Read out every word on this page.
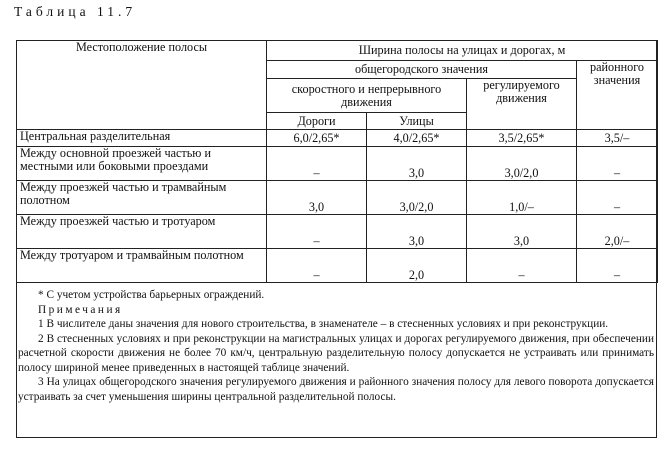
Таблица 11.7
Местоположение полосы	Ширина полосы на улицах и дорогах, м			
	общегородского значения			районного значения
	скоростного и непрерывного движения		регулируемого движения	
	Дороги	Улицы		
Центральная разделительная	6,0/2,65*	4,0/2,65*	3,5/2,65*	3,5/–
Между основной проезжей частью и местными или боковыми проездами	–	3,0	3,0/2,0	–
Между проезжей частью и трамвайным полотном	3,0	3,0/2,0	1,0/–	–
Между проезжей частью и тротуаром	–	3,0	3,0	2,0/–
Между тротуаром и трамвайным полотном	–	2,0	–	–

* С учетом устройства барьерных ограждений.

Примечания

1 В числителе даны значения для нового строительства, в знаменателе – в стесненных условиях и при реконструкции.

2 В стесненных условиях и при реконструкции на магистральных улицах и дорогах регулируемого движения, при обеспечении расчетной скорости движения не более 70 км/ч, центральную разделительную полосу допускается не устраивать или принимать полосу шириной менее приведенных в настоящей таблице значений.

3 На улицах общегородского значения регулируемого движения и районного значения полосу для левого поворота допускается устраивать за счет уменьшения ширины центральной разделительной полосы.
